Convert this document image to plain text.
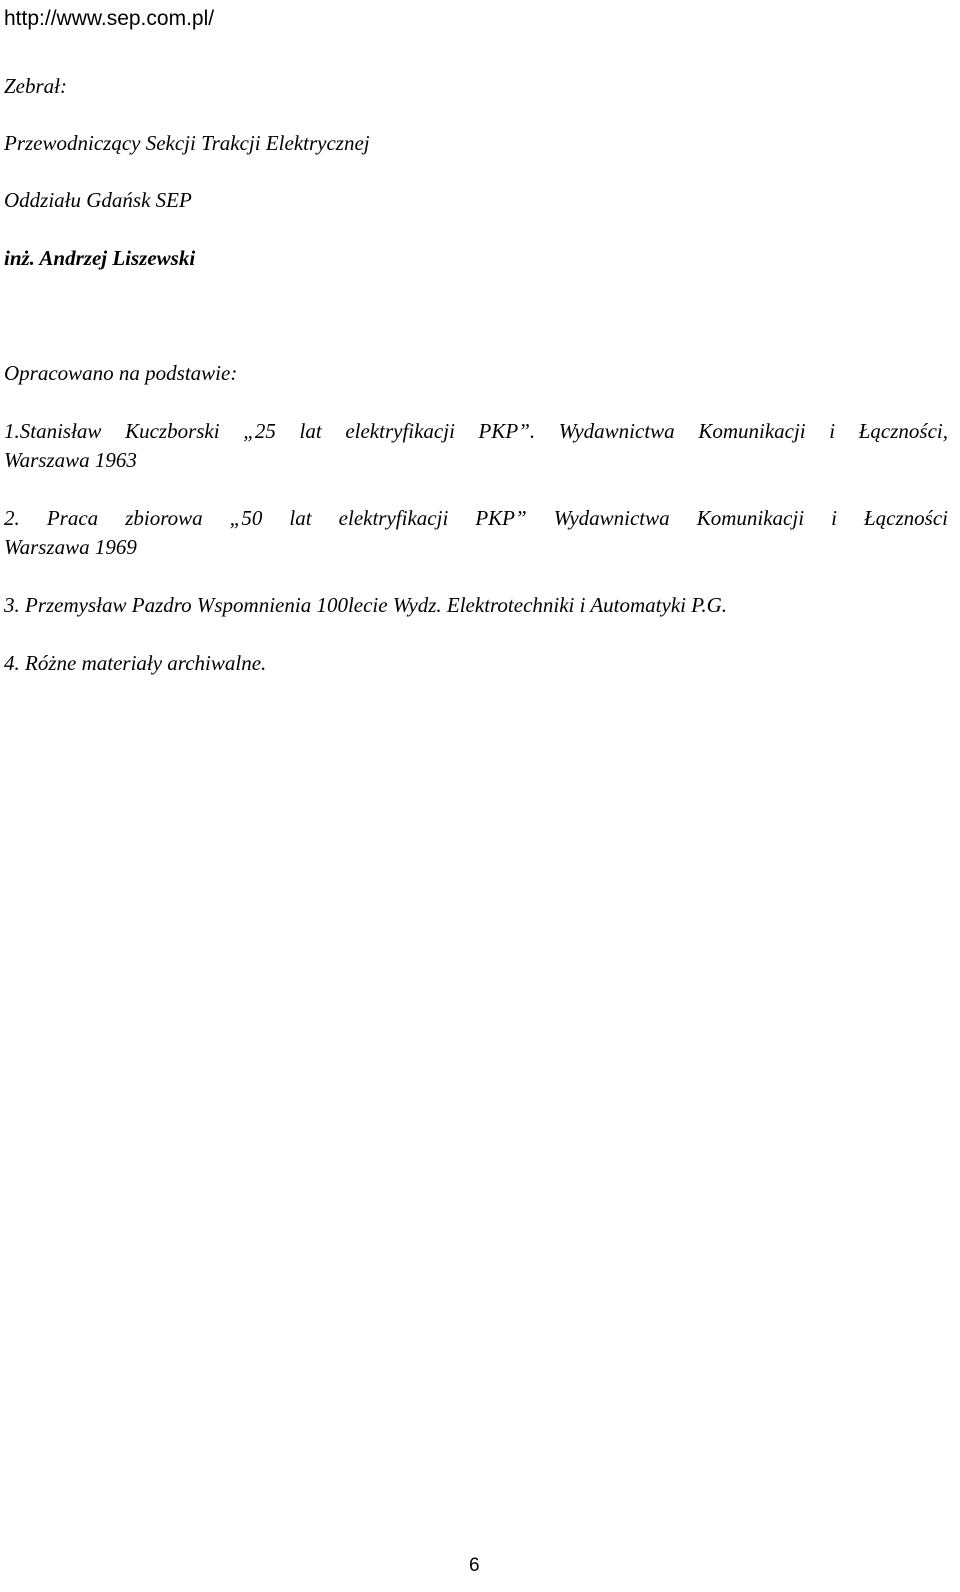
http://www.sep.com.pl/
Zebrał:
Przewodniczący Sekcji Trakcji Elektrycznej
Oddziału Gdańsk SEP
inż. Andrzej Liszewski
Opracowano na podstawie:
1.Stanisław Kuczborski „25 lat elektryfikacji PKP”. Wydawnictwa Komunikacji i Łączności,
Warszawa 1963
2. Praca zbiorowa „50 lat elektryfikacji PKP” Wydawnictwa Komunikacji i Łączności
Warszawa 1969
3. Przemysław Pazdro Wspomnienia 100lecie Wydz. Elektrotechniki i Automatyki P.G.
4. Różne materiały archiwalne.
6
